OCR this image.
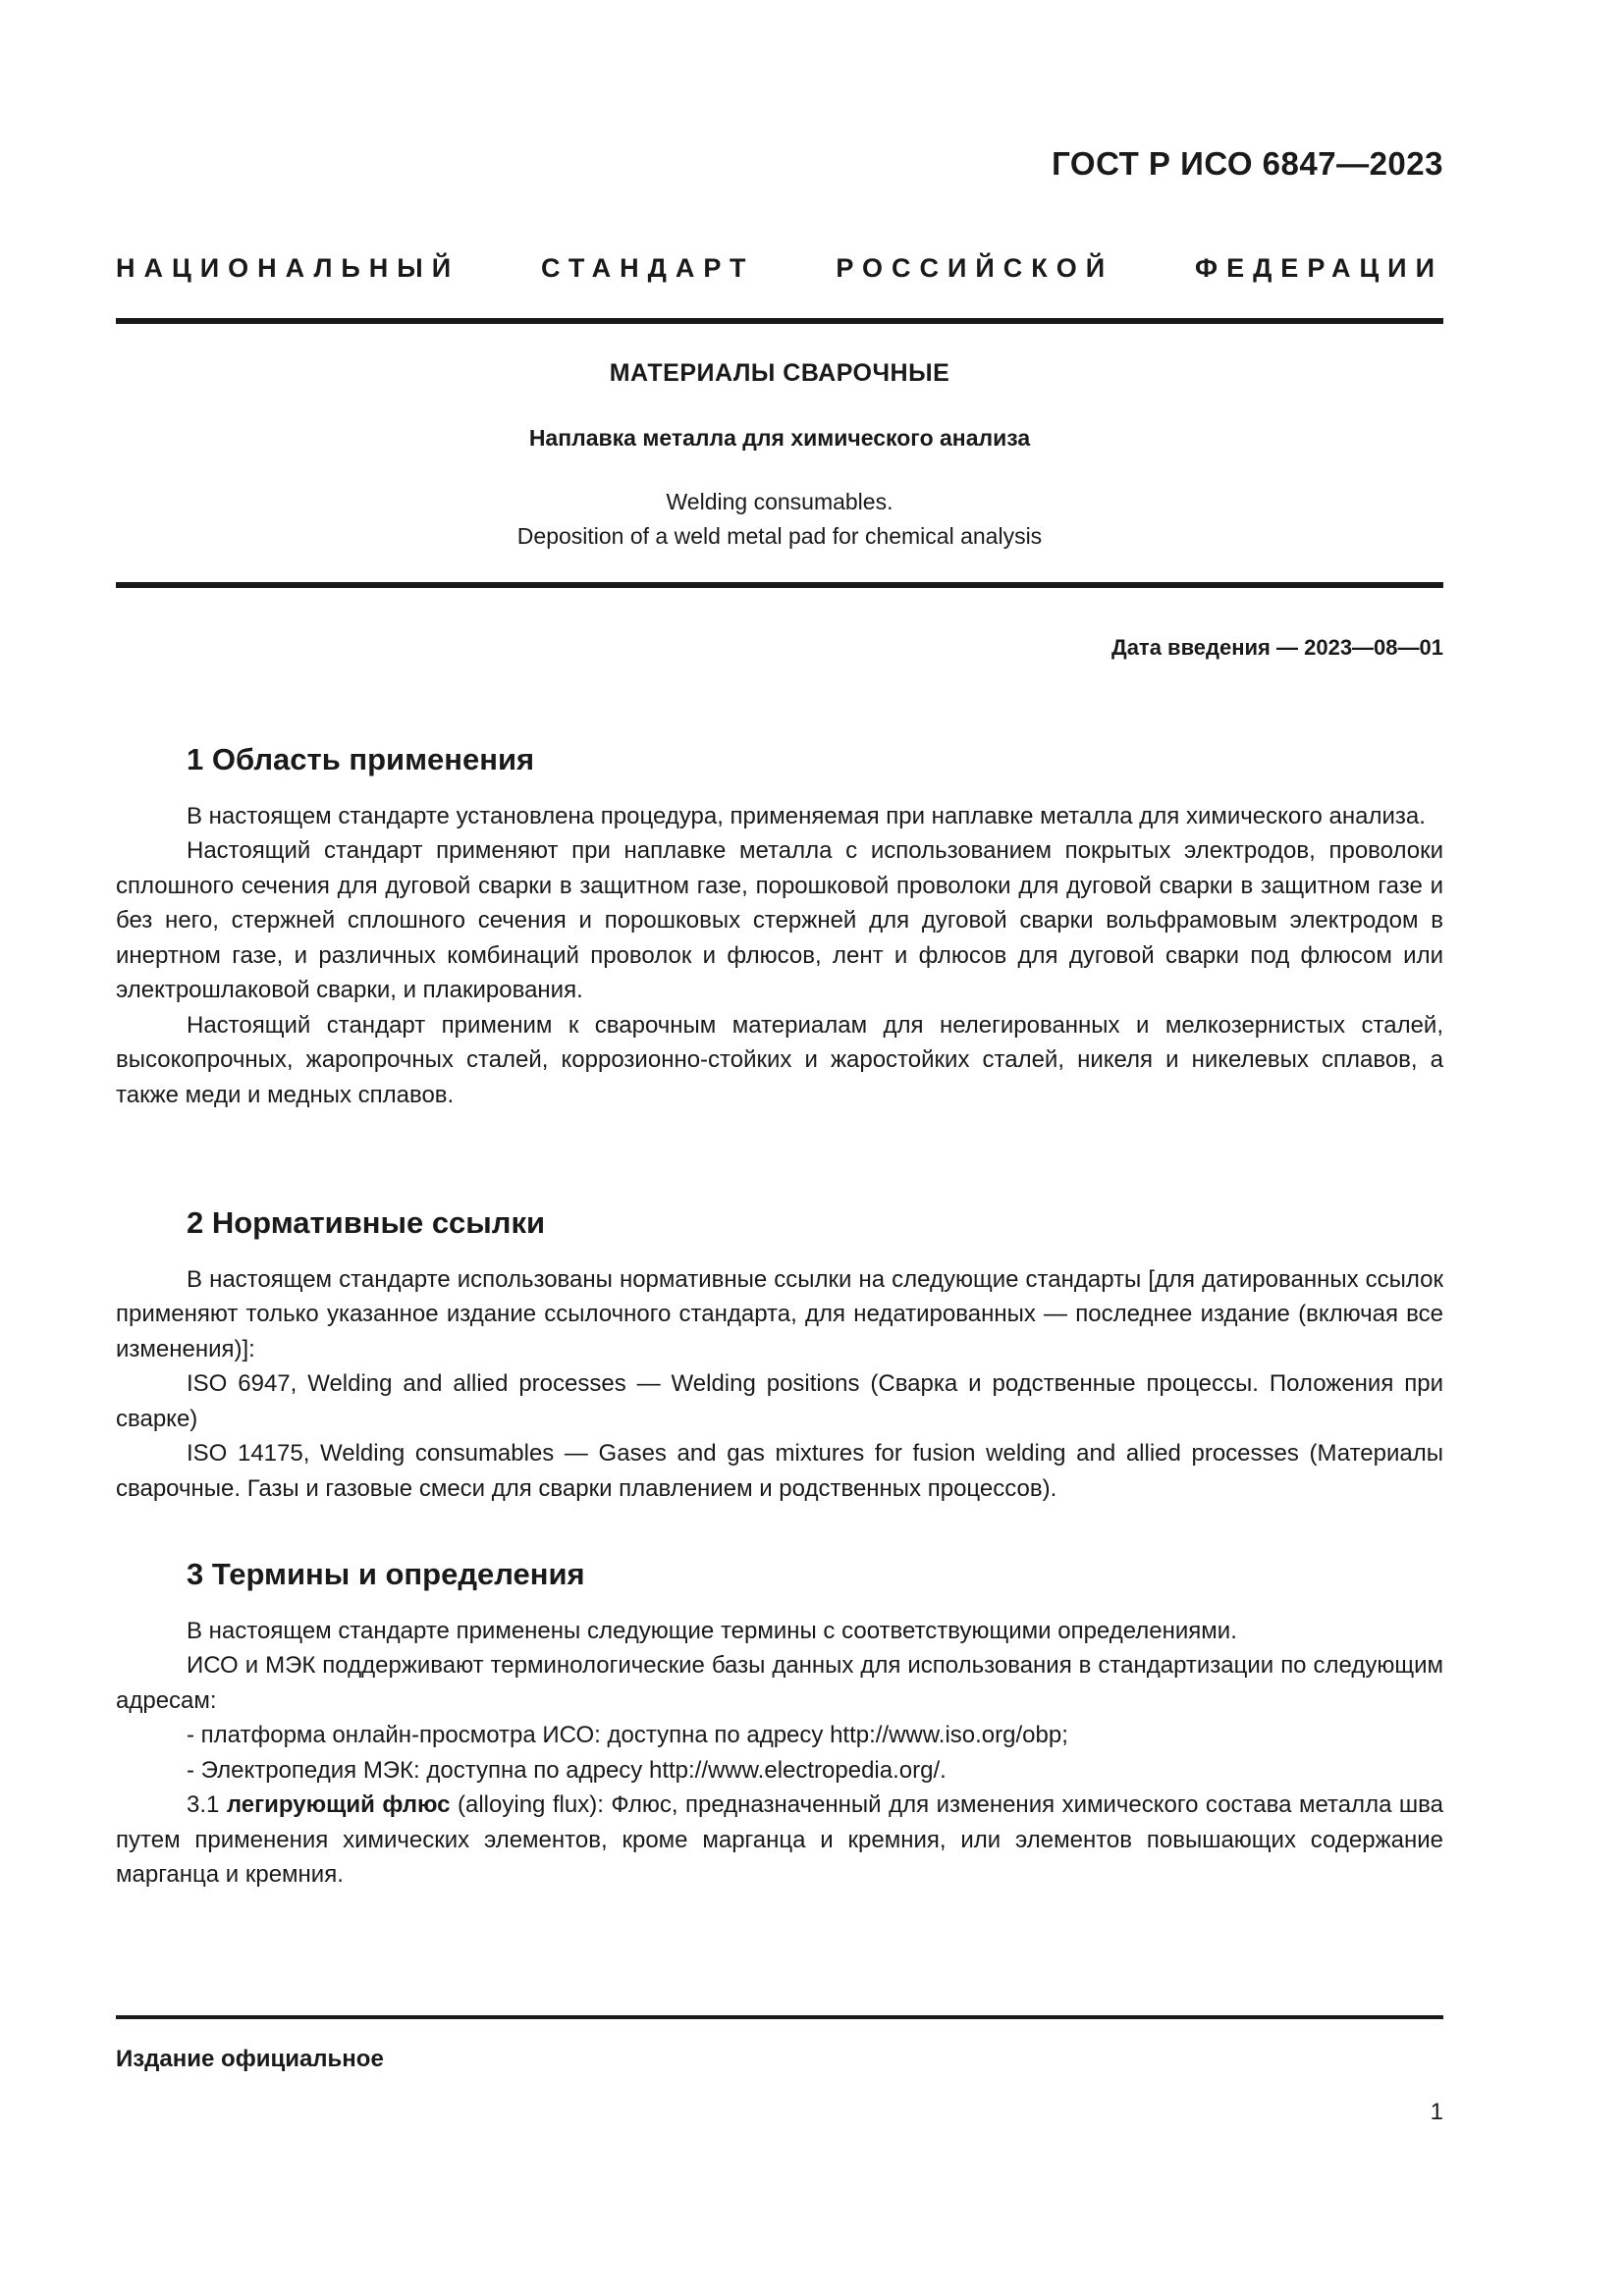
ГОСТ Р ИСО 6847—2023
НАЦИОНАЛЬНЫЙ СТАНДАРТ РОССИЙСКОЙ ФЕДЕРАЦИИ
МАТЕРИАЛЫ СВАРОЧНЫЕ
Наплавка металла для химического анализа
Welding consumables.
Deposition of a weld metal pad for chemical analysis
Дата введения — 2023—08—01
1 Область применения

В настоящем стандарте установлена процедура, применяемая при наплавке металла для химического анализа.

Настоящий стандарт применяют при наплавке металла с использованием покрытых электродов, проволоки сплошного сечения для дуговой сварки в защитном газе, порошковой проволоки для дуговой сварки в защитном газе и без него, стержней сплошного сечения и порошковых стержней для дуговой сварки вольфрамовым электродом в инертном газе, и различных комбинаций проволок и флюсов, лент и флюсов для дуговой сварки под флюсом или электрошлаковой сварки, и плакирования.

Настоящий стандарт применим к сварочным материалам для нелегированных и мелкозернистых сталей, высокопрочных, жаропрочных сталей, коррозионно-стойких и жаростойких сталей, никеля и никелевых сплавов, а также меди и медных сплавов.

2 Нормативные ссылки

В настоящем стандарте использованы нормативные ссылки на следующие стандарты [для датированных ссылок применяют только указанное издание ссылочного стандарта, для недатированных — последнее издание (включая все изменения)]:

ISO 6947, Welding and allied processes — Welding positions (Сварка и родственные процессы. Положения при сварке)

ISO 14175, Welding consumables — Gases and gas mixtures for fusion welding and allied processes (Материалы сварочные. Газы и газовые смеси для сварки плавлением и родственных процессов).

3 Термины и определения

В настоящем стандарте применены следующие термины с соответствующими определениями.

ИСО и МЭК поддерживают терминологические базы данных для использования в стандартизации по следующим адресам:

- платформа онлайн-просмотра ИСО: доступна по адресу http://www.iso.org/obp;

- Электропедия МЭК: доступна по адресу http://www.electropedia.org/.

3.1 легирующий флюс (alloying flux): Флюс, предназначенный для изменения химического состава металла шва путем применения химических элементов, кроме марганца и кремния, или элементов повышающих содержание марганца и кремния.

Издание официальное
1
